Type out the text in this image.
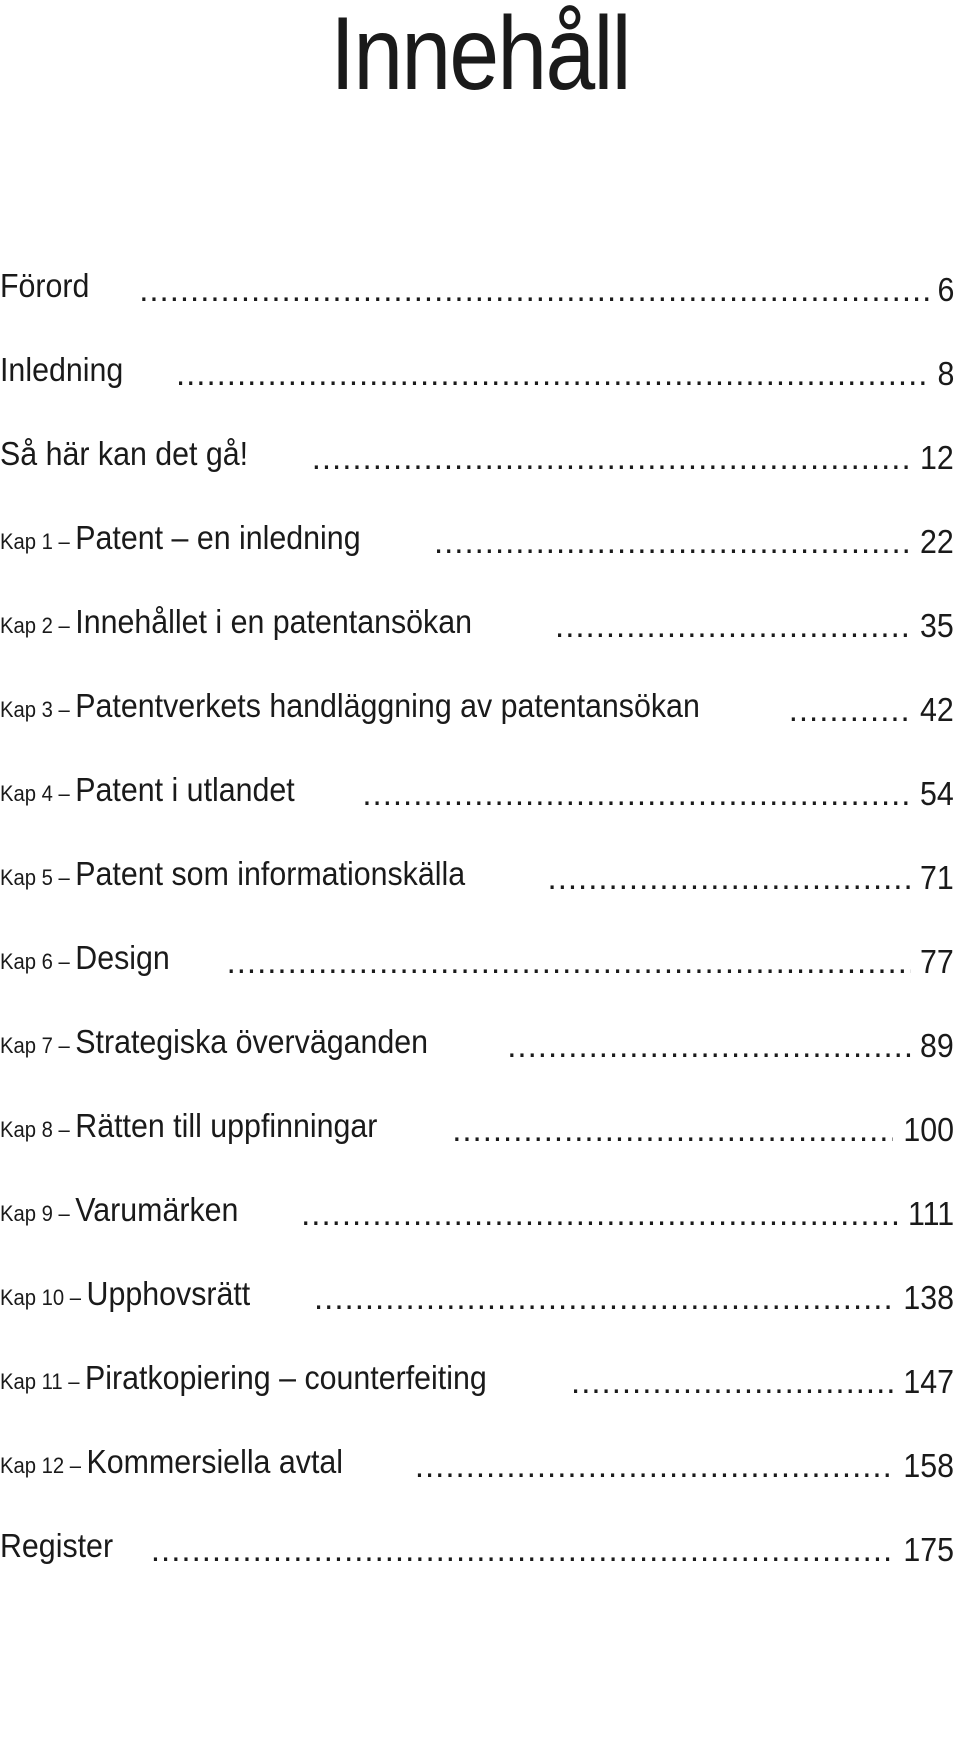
Innehåll
Förord .....	6
Inledning .....	8
Så här kan det gå! .....	12
Kap 1 – Patent – en inledning .....	22
Kap 2 – Innehållet i en patentansökan .....	35
Kap 3 – Patentverkets handläggning av patentansökan .....	42
Kap 4 – Patent i utlandet .....	54
Kap 5 – Patent som informationskälla .....	71
Kap 6 – Design .....	77
Kap 7 – Strategiska överväganden .....	89
Kap 8 – Rätten till uppfinningar .....	100
Kap 9 – Varumärken .....	111
Kap 10 – Upphovsrätt .....	138
Kap 11 – Piratkopiering – counterfeiting .....	147
Kap 12 – Kommersiella avtal .....	158
Register .....	175
